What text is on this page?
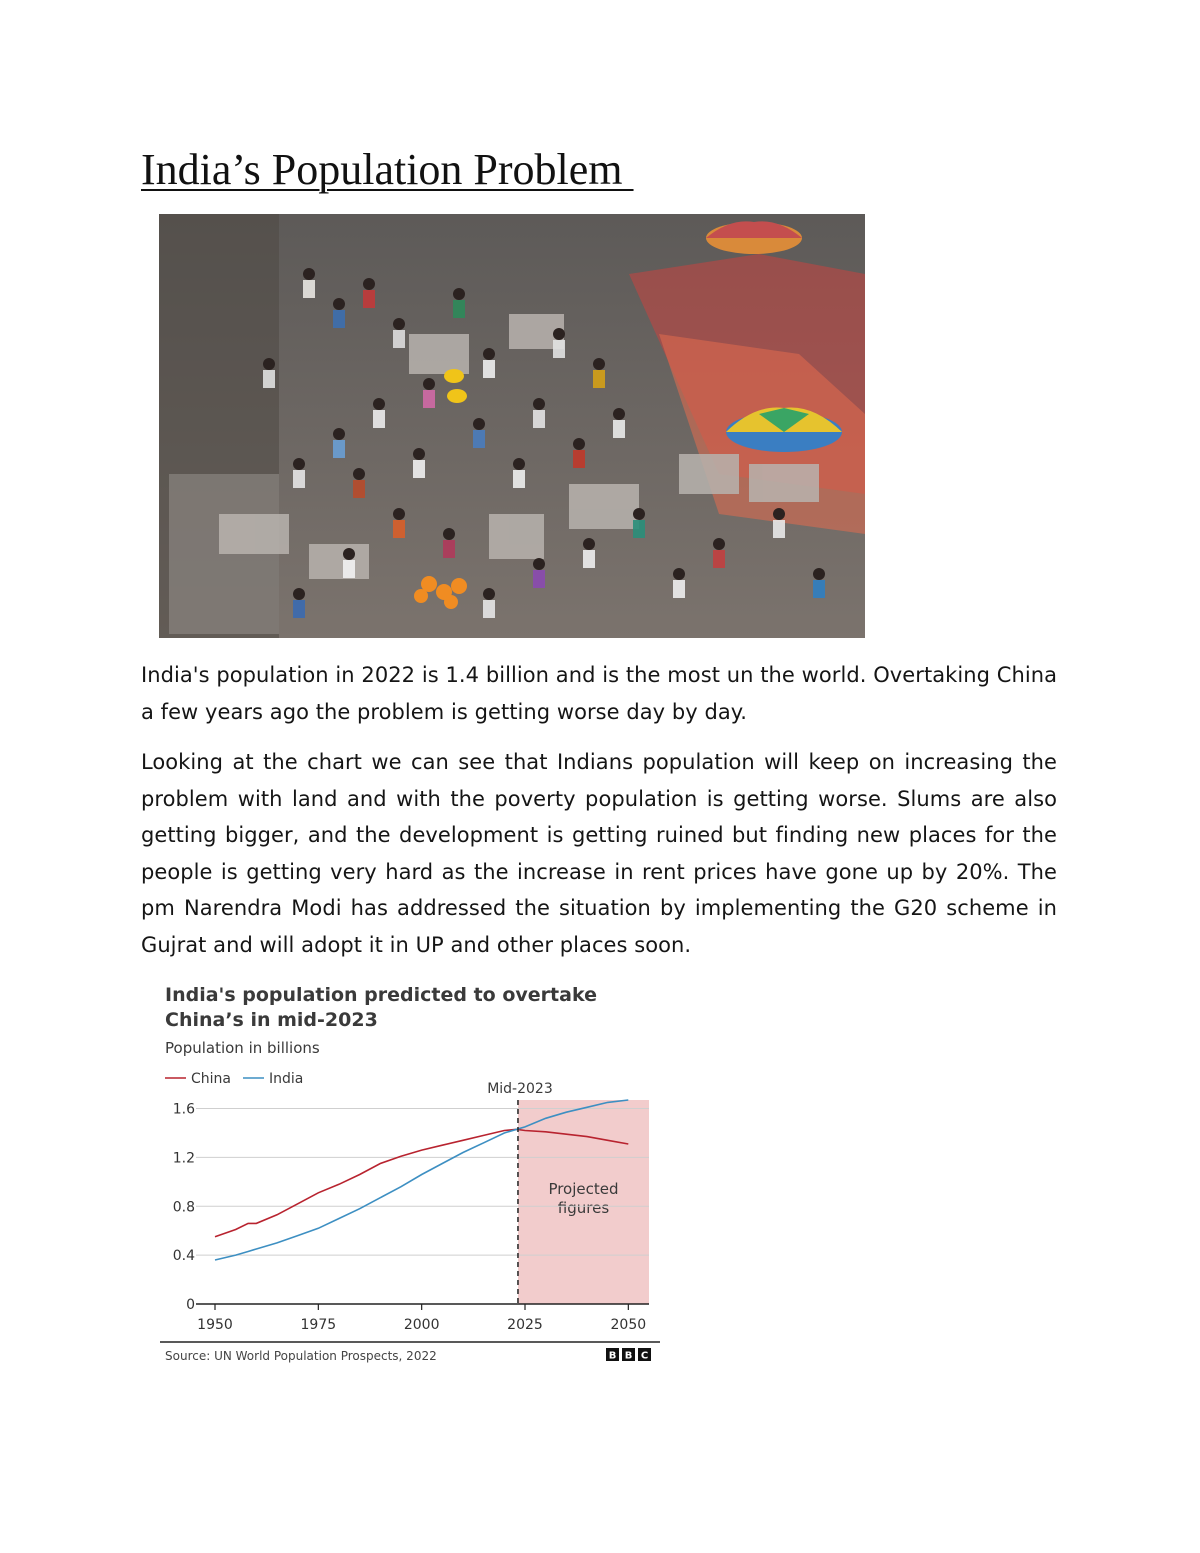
India’s Population Problem

India's population in 2022 is 1.4 billion and is the most un the world. Overtaking China a few years ago the problem is getting worse day by day.

Looking at the chart we can see that Indians population will keep on increasing the problem with land and with the poverty population is getting worse. Slums are also getting bigger, and the development is getting ruined but finding new places for the people is getting very hard as the increase in rent prices have gone up by 20%. The pm Narendra Modi has addressed the situation by implementing the G20 scheme in Gujrat and will adopt it in UP and other places soon.

India's population predicted to overtake
China’s in mid-2023
Population in billions
China	India
Projected
figures
0
0.4
0.8
1.2
1.6
1950	1975	2000	2025	2050
Mid-2023
Source: UN World Population Prospects, 2022	B B C
